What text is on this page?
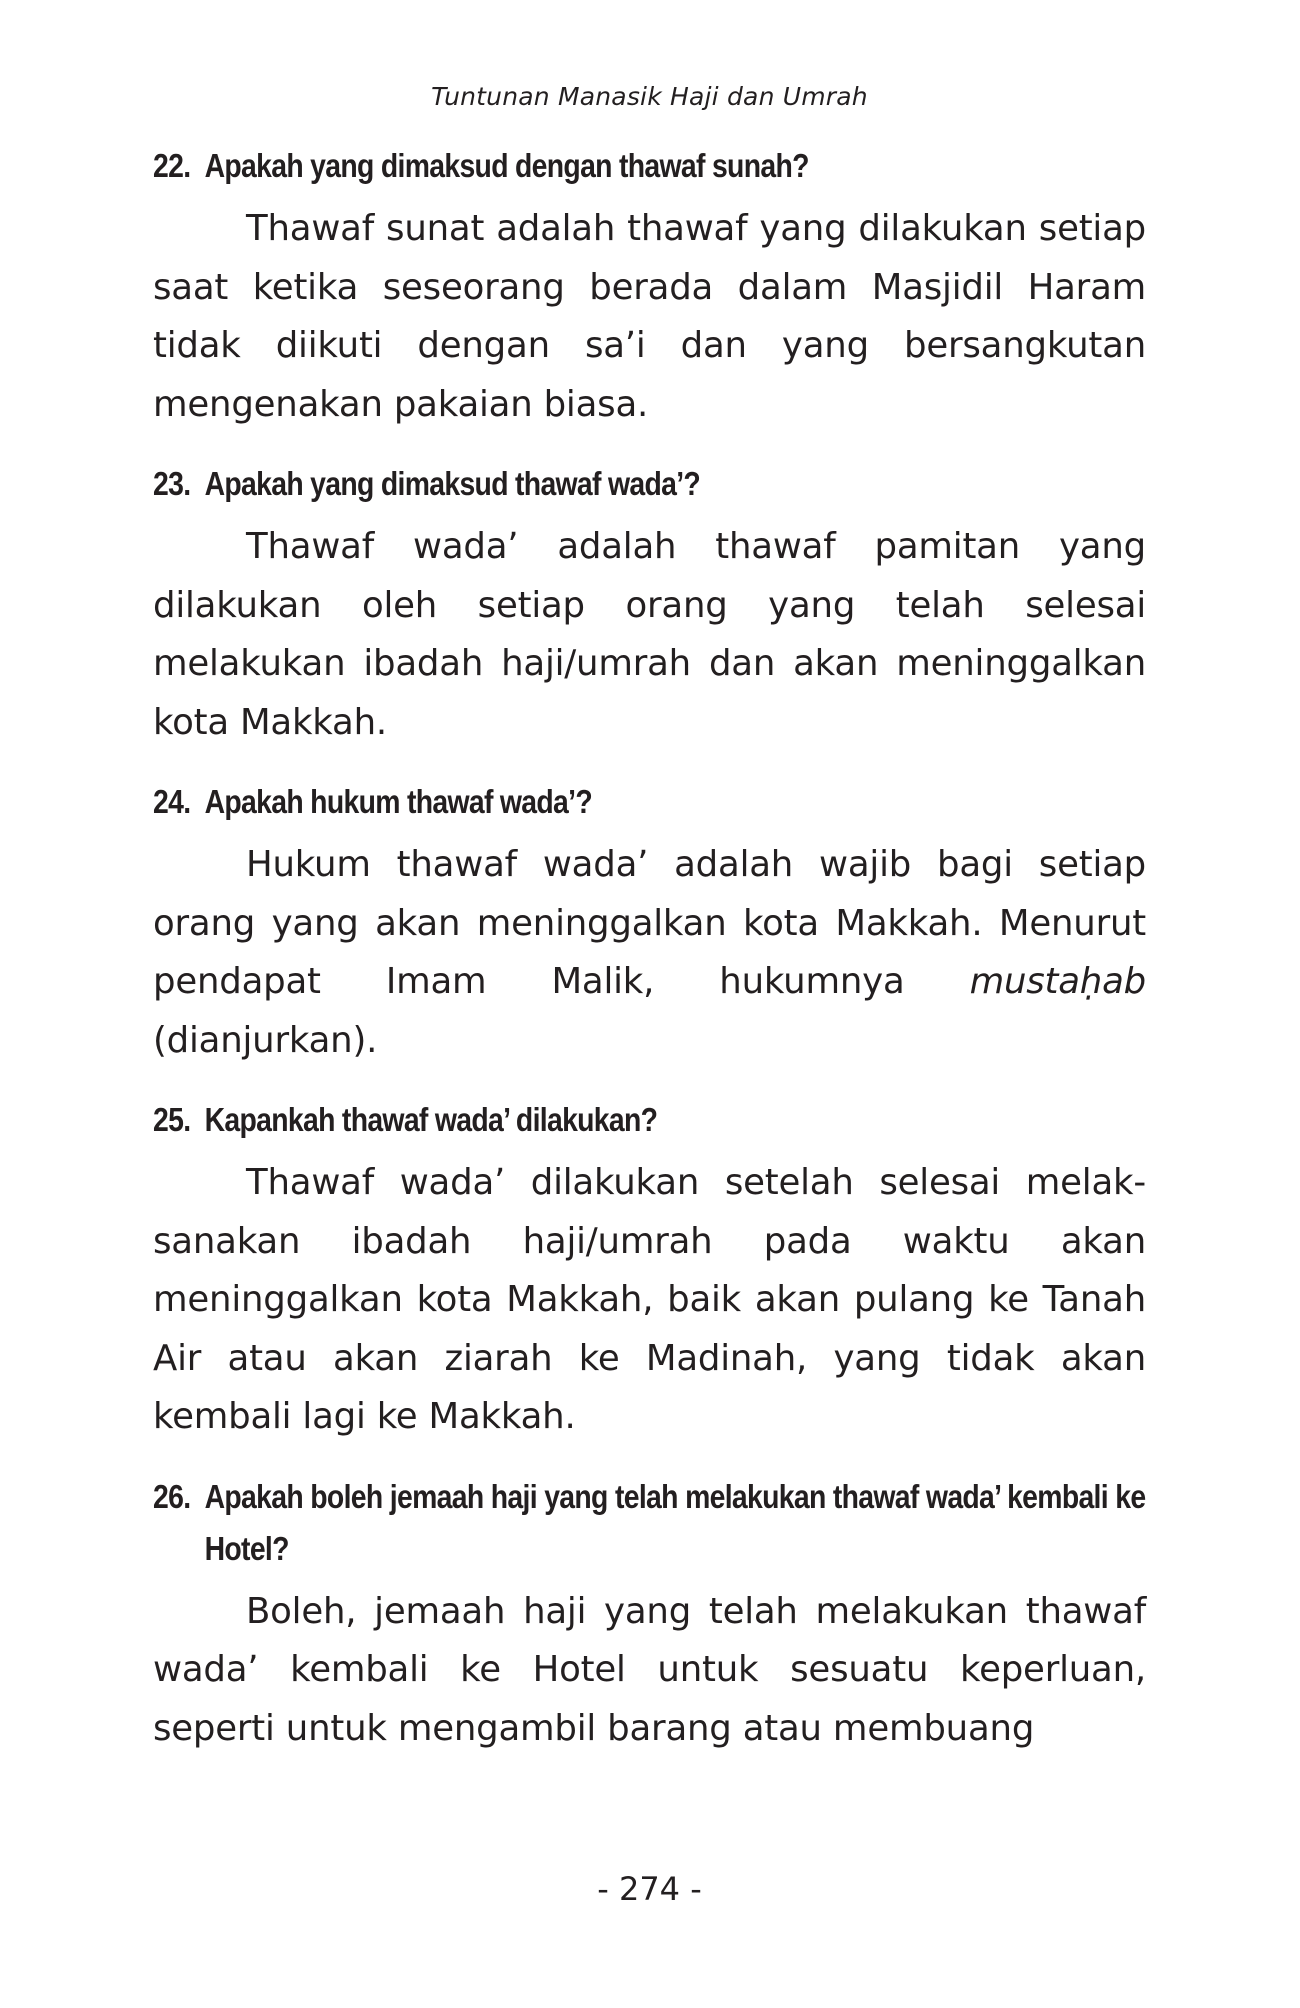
Tuntunan Manasik Haji dan Umrah
22. Apakah yang dimaksud dengan thawaf sunah?

Thawaf sunat adalah thawaf yang dilakukan setiap saat ketika seseorang berada dalam Masjidil Haram tidak diikuti dengan sa’i dan yang bersangkutan mengenakan pakaian biasa.

23. Apakah yang dimaksud thawaf wada’?

Thawaf wada’ adalah thawaf pamitan yang dilakukan oleh setiap orang yang telah selesai melakukan ibadah haji/umrah dan akan meninggalkan kota Makkah.

24. Apakah hukum thawaf wada’?

Hukum thawaf wada’ adalah wajib bagi setiap orang yang akan meninggalkan kota Makkah. Menurut pendapat Imam Malik, hukumnya mustaḥab (dianjurkan).

25. Kapankah thawaf wada’ dilakukan?

Thawaf wada’ dilakukan setelah selesai melak-sanakan ibadah haji/umrah pada waktu akan meninggalkan kota Makkah, baik akan pulang ke Tanah Air atau akan ziarah ke Madinah, yang tidak akan kembali lagi ke Makkah.

26. Apakah boleh jemaah haji yang telah melakukan thawaf wada’ kembali ke Hotel?

Boleh, jemaah haji yang telah melakukan thawaf wada’ kembali ke Hotel untuk sesuatu keperluan, seperti untuk mengambil barang atau membuang

- 274 -
